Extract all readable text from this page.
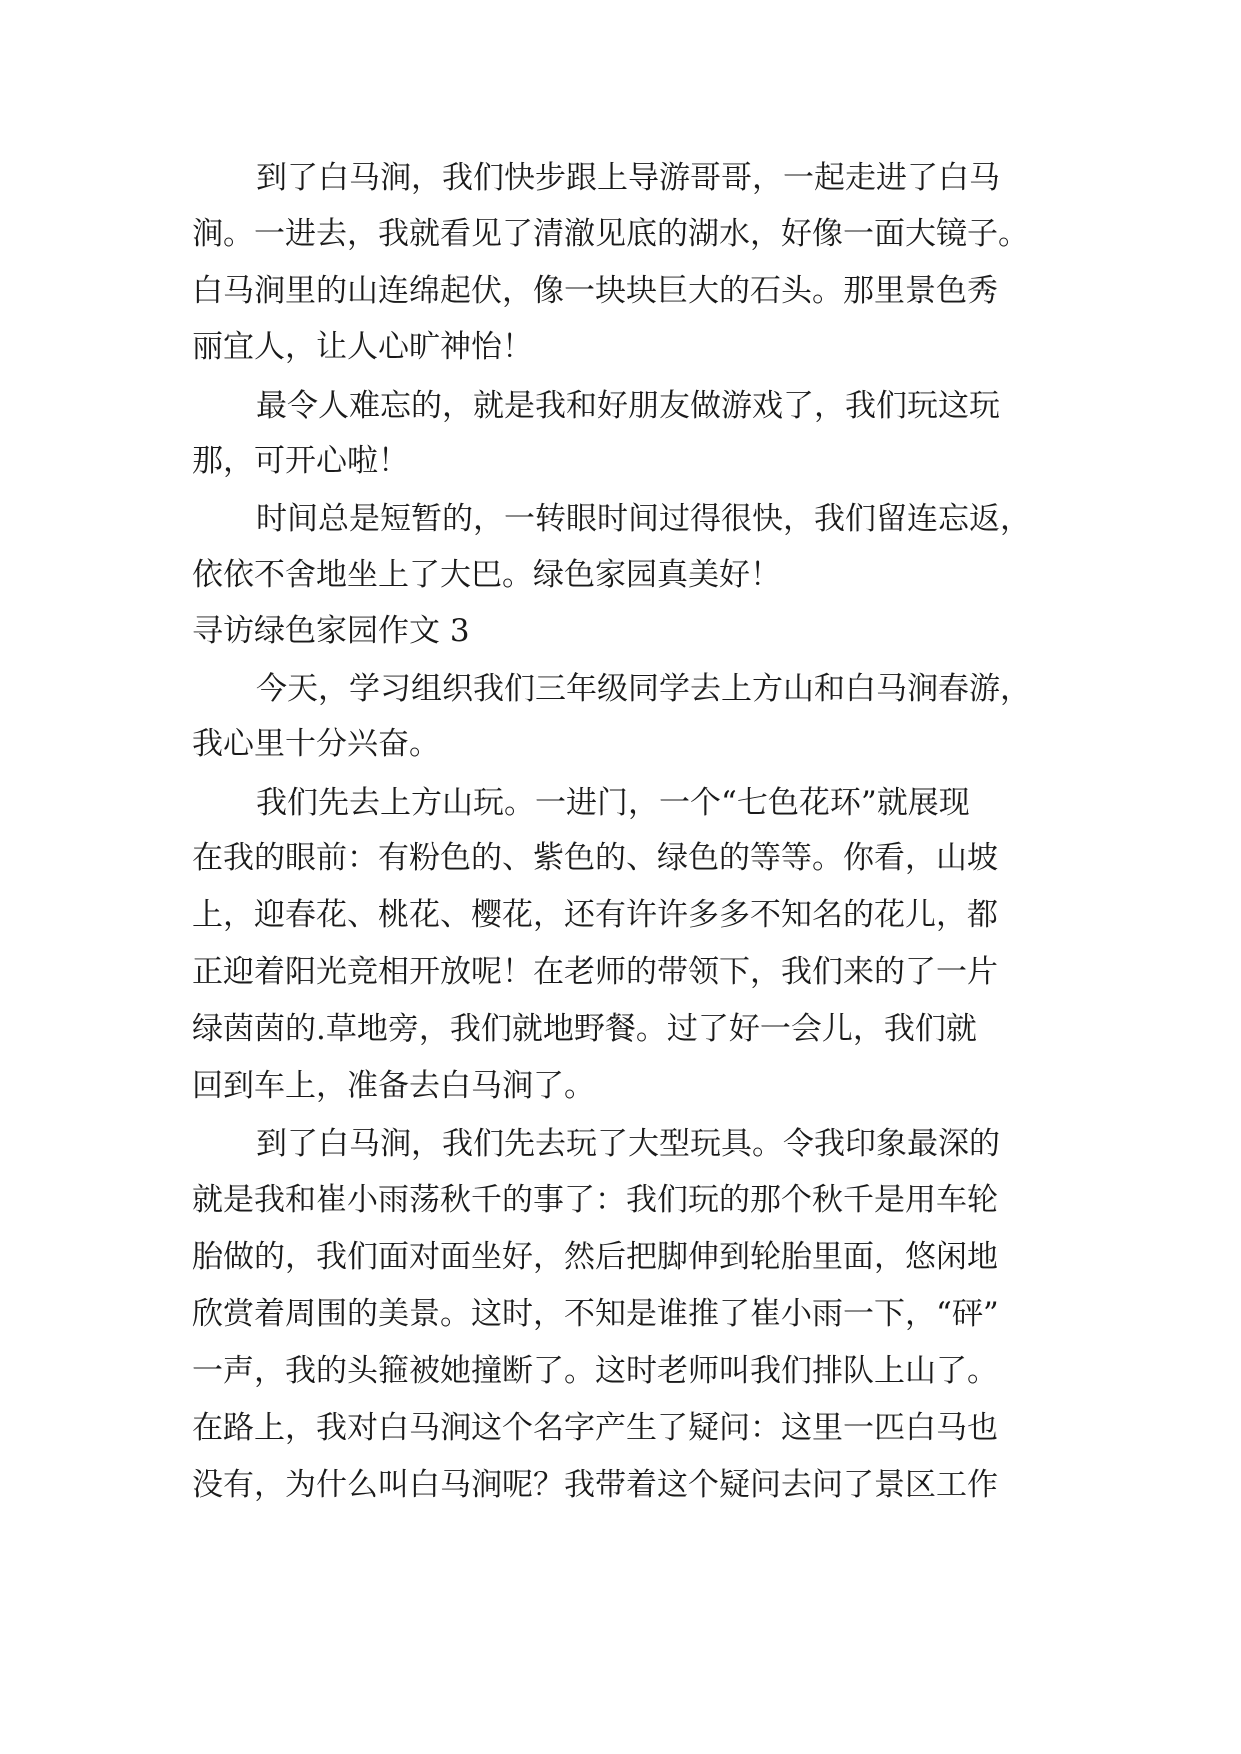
到了白马涧，我们快步跟上导游哥哥，一起走进了白马
涧。一进去，我就看见了清澈见底的湖水，好像一面大镜子。
白马涧里的山连绵起伏，像一块块巨大的石头。那里景色秀
丽宜人，让人心旷神怡！
最令人难忘的，就是我和好朋友做游戏了，我们玩这玩
那，可开心啦！
时间总是短暂的，一转眼时间过得很快，我们留连忘返，
依依不舍地坐上了大巴。绿色家园真美好！
寻访绿色家园作文 3
今天，学习组织我们三年级同学去上方山和白马涧春游，
我心里十分兴奋。
我们先去上方山玩。一进门，一个“七色花环”就展现
在我的眼前：有粉色的、紫色的、绿色的等等。你看，山坡
上，迎春花、桃花、樱花，还有许许多多不知名的花儿，都
正迎着阳光竞相开放呢！在老师的带领下，我们来的了一片
绿茵茵的.草地旁，我们就地野餐。过了好一会儿，我们就
回到车上，准备去白马涧了。
到了白马涧，我们先去玩了大型玩具。令我印象最深的
就是我和崔小雨荡秋千的事了：我们玩的那个秋千是用车轮
胎做的，我们面对面坐好，然后把脚伸到轮胎里面，悠闲地
欣赏着周围的美景。这时，不知是谁推了崔小雨一下，“砰”
一声，我的头箍被她撞断了。这时老师叫我们排队上山了。
在路上，我对白马涧这个名字产生了疑问：这里一匹白马也
没有，为什么叫白马涧呢？我带着这个疑问去问了景区工作
